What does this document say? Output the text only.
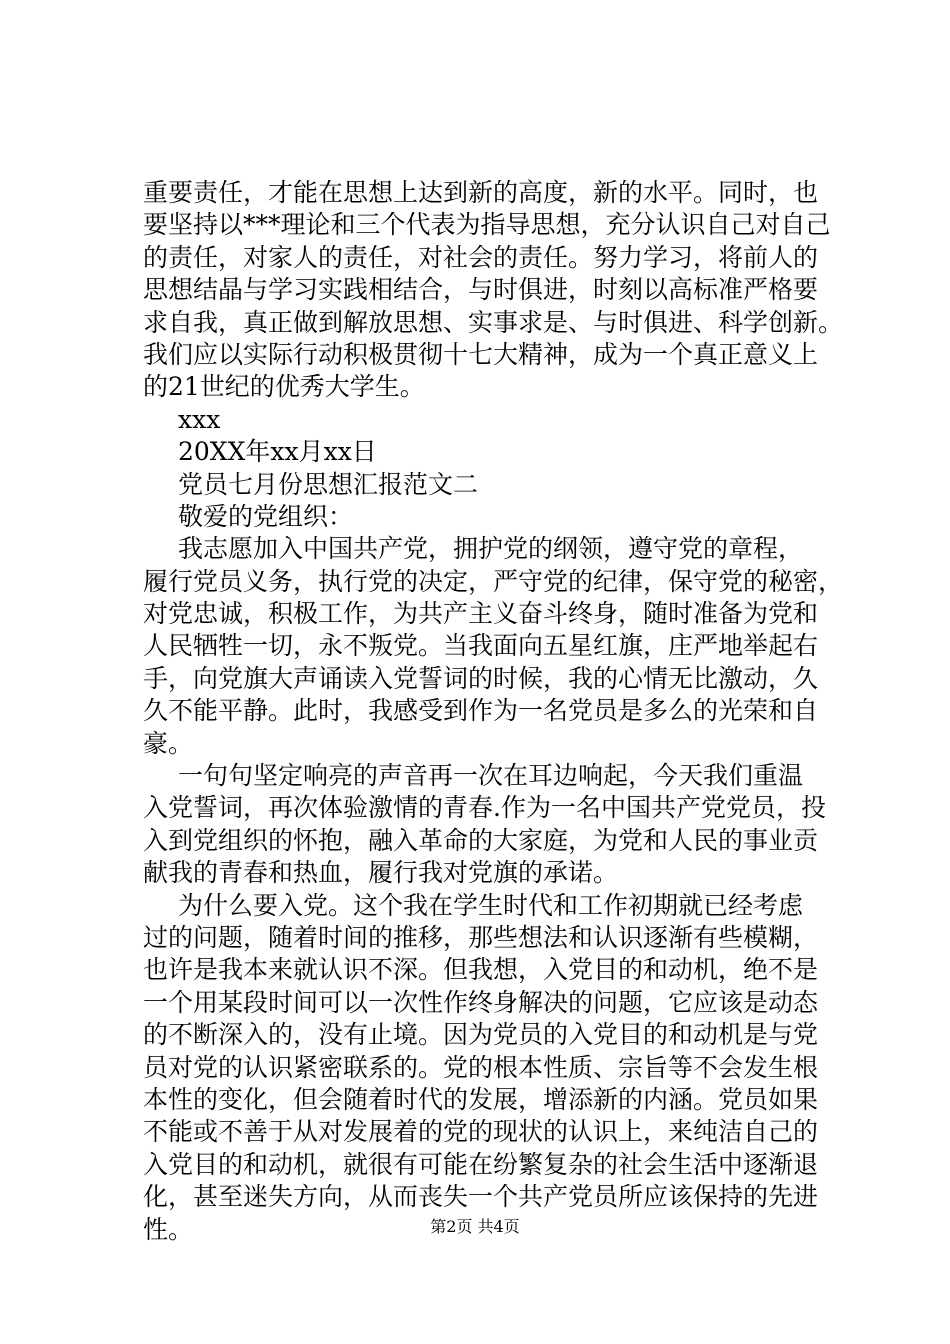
重要责任，才能在思想上达到新的高度，新的水平。同时，也
要坚持以***理论和三个代表为指导思想，充分认识自己对自己
的责任，对家人的责任，对社会的责任。努力学习，将前人的
思想结晶与学习实践相结合，与时俱进，时刻以高标准严格要
求自我，真正做到解放思想、实事求是、与时俱进、科学创新。
我们应以实际行动积极贯彻十七大精神，成为一个真正意义上
的21世纪的优秀大学生。
xxx
20XX年xx月xx日
党员七月份思想汇报范文二
敬爱的党组织：
我志愿加入中国共产党，拥护党的纲领，遵守党的章程，
履行党员义务，执行党的决定，严守党的纪律，保守党的秘密，
对党忠诚，积极工作，为共产主义奋斗终身，随时准备为党和
人民牺牲一切，永不叛党。当我面向五星红旗，庄严地举起右
手，向党旗大声诵读入党誓词的时候，我的心情无比激动，久
久不能平静。此时，我感受到作为一名党员是多么的光荣和自
豪。
一句句坚定响亮的声音再一次在耳边响起，今天我们重温
入党誓词，再次体验激情的青春.作为一名中国共产党党员，投
入到党组织的怀抱，融入革命的大家庭，为党和人民的事业贡
献我的青春和热血，履行我对党旗的承诺。
为什么要入党。这个我在学生时代和工作初期就已经考虑
过的问题，随着时间的推移，那些想法和认识逐渐有些模糊，
也许是我本来就认识不深。但我想，入党目的和动机，绝不是
一个用某段时间可以一次性作终身解决的问题，它应该是动态
的不断深入的，没有止境。因为党员的入党目的和动机是与党
员对党的认识紧密联系的。党的根本性质、宗旨等不会发生根
本性的变化，但会随着时代的发展，增添新的内涵。党员如果
不能或不善于从对发展着的党的现状的认识上，来纯洁自己的
入党目的和动机，就很有可能在纷繁复杂的社会生活中逐渐退
化，甚至迷失方向，从而丧失一个共产党员所应该保持的先进
性。	第2页 共4页
